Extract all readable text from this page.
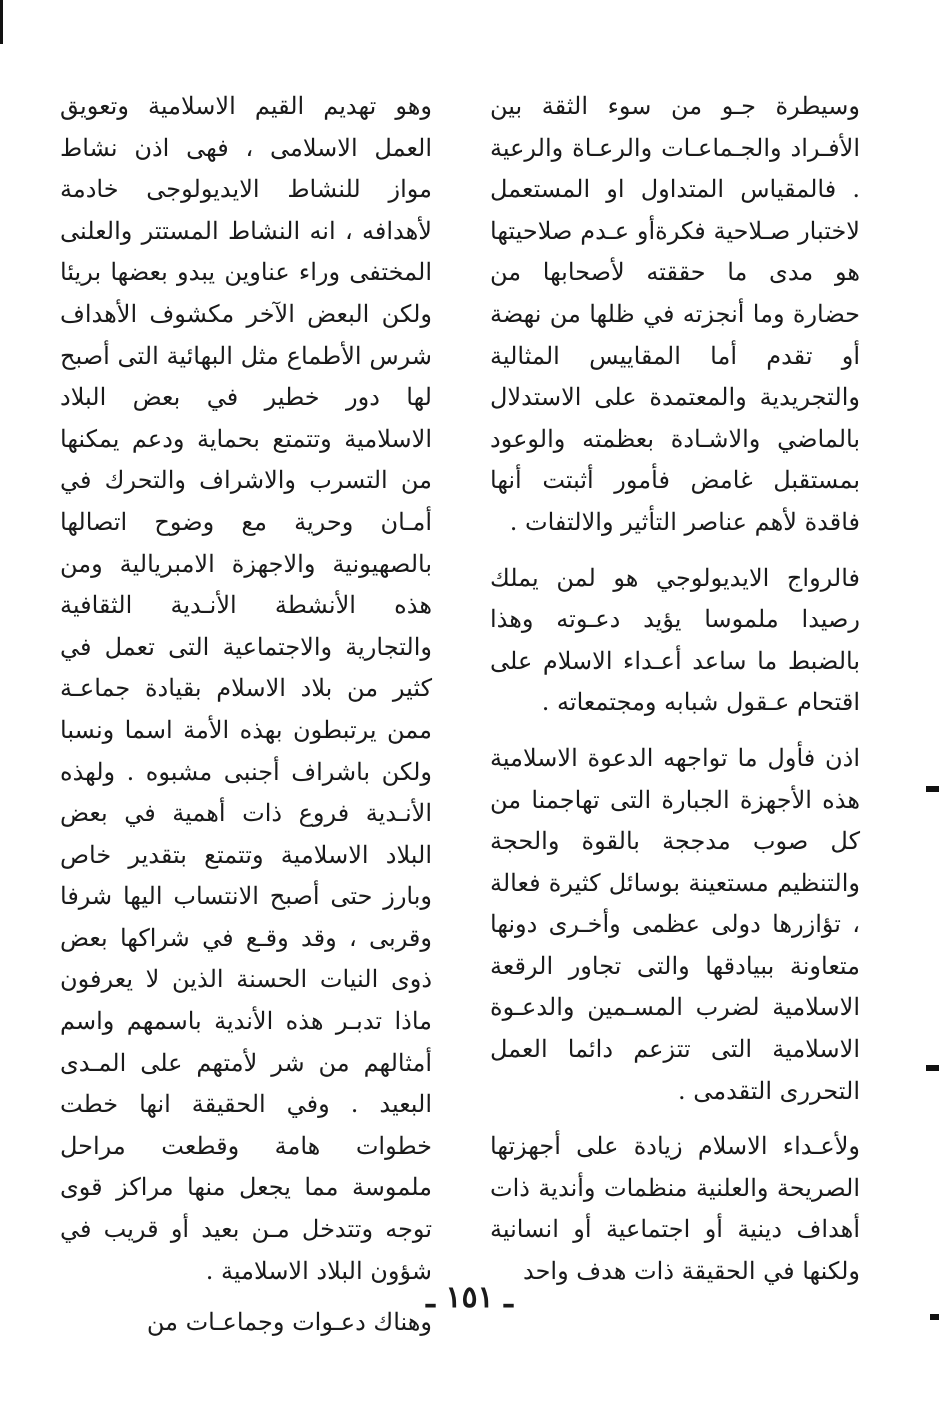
وسيطرة جـو من سوء الثقة بين الأفـراد والجـماعـات والرعـاة والرعية . فالمقياس المتداول او المستعمل لاختبار صـلاحية فكرةأو عـدم صلاحيتها هو مدى ما حققته لأصحابها من حضارة وما أنجزته في ظلها من نهضة أو تقدم أما المقاييس المثالية والتجريدية والمعتمدة على الاستدلال بالماضي والاشـادة بعظمته والوعود بمستقبل غامض فأمور أثبتت أنها فاقدة لأهم عناصر التأثير والالتفات .

فالرواج الايديولوجي هو لمن يملك رصيدا ملموسا يؤيد دعـوته وهذا بالضبط ما ساعد أعـداء الاسلام على اقتحام عـقول شبابه ومجتمعاته .

اذن فأول ما تواجهه الدعوة الاسلامية هذه الأجهزة الجبارة التى تهاجمنا من كل صوب مدججة بالقوة والحجة والتنظيم مستعينة بوسائل كثيرة فعالة ، تؤازرها دولى عظمى وأخـرى دونها متعاونة ببيادقها والتى تجاور الرقعة الاسلامية لضرب المسـمين والدعـوة الاسلامية التى تتزعم دائما العمل التحررى التقدمى .

ولأعـداء الاسلام زيادة على أجهزتها الصريحة والعلنية منظمات وأندية ذات أهداف دينية أو اجتماعية أو انسانية ولكنها في الحقيقة ذات هدف واحد

وهو تهديم القيم الاسلامية وتعويق العمل الاسلامى ، فهى اذن نشاط مواز للنشاط الايديولوجى خادمة لأهدافه ، انه النشاط المستتر والعلنى المختفى وراء عناوين يبدو بعضها بريئا ولكن البعض الآخر مكشوف الأهداف شرس الأطماع مثل البهائية التى أصبح لها دور خطير في بعض البلاد الاسلامية وتتمتع بحماية ودعم يمكنها من التسرب والاشراف والتحرك في أمـان وحرية مع وضوح اتصالها بالصهيونية والاجهزة الامبريالية ومن هذه الأنشطة الأنـدية الثقافية والتجارية والاجتماعية التى تعمل في كثير من بلاد الاسلام بقيادة جماعـة ممن يرتبطون بهذه الأمة اسما ونسبا ولكن باشراف أجنبى مشبوه . ولهذه الأنـدية فروع ذات أهمية في بعض البلاد الاسلامية وتتمتع بتقدير خاص وبارز حتى أصبح الانتساب اليها شرفا وقربى ، وقد وقـع في شراكها بعض ذوى النيات الحسنة الذين لا يعرفون ماذا تدبـر هذه الأندية باسمهم واسم أمثالهم من شر لأمتهم على المـدى البعيد . وفي الحقيقة انها خطت خطوات هامة وقطعت مراحل ملموسة مما يجعل منها مراكز قوى توجه وتتدخل مـن بعيد أو قريب في شؤون البلاد الاسلامية .

وهناك دعـوات وجماعـات من

ـ ١٥١ ـ
